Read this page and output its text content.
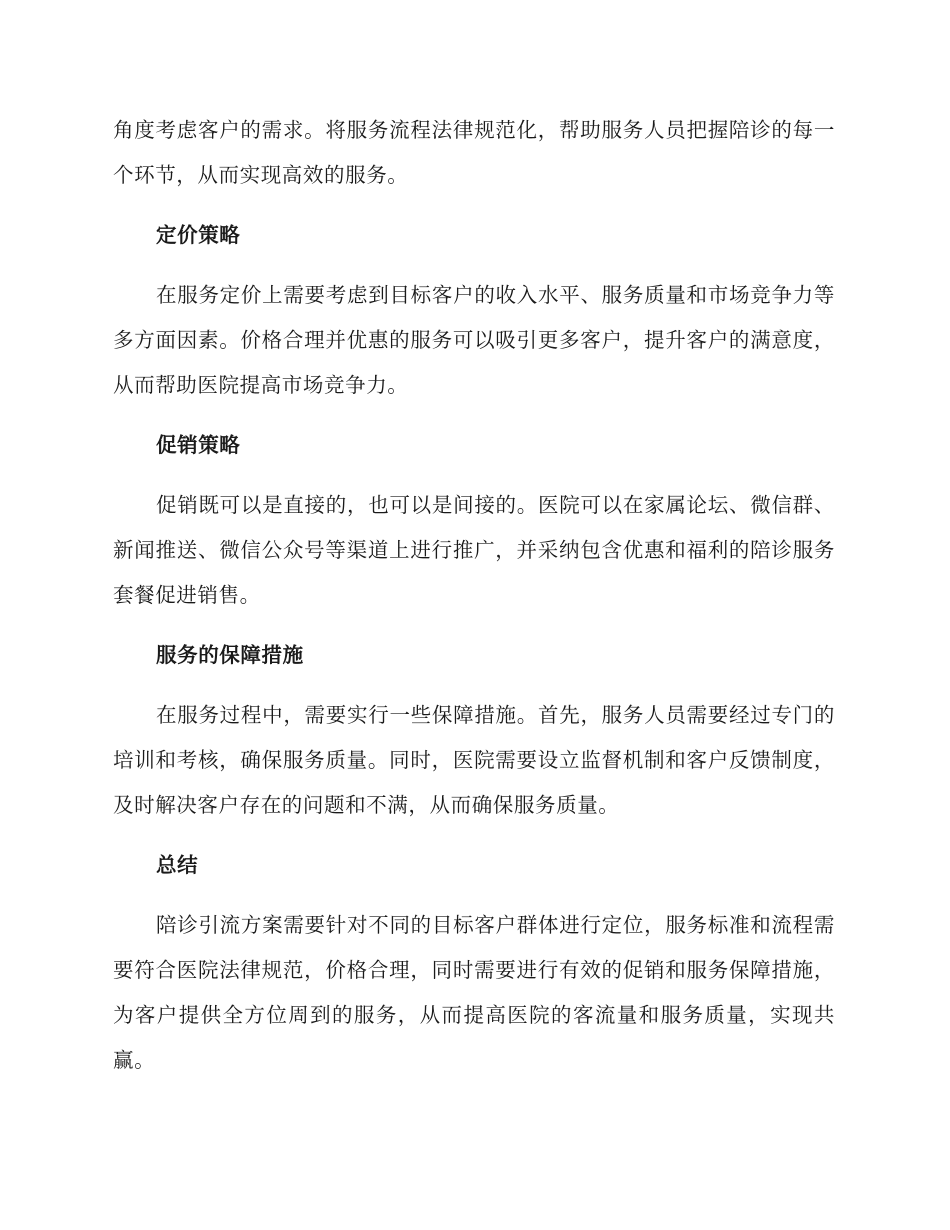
角度考虑客户的需求。将服务流程法律规范化，帮助服务人员把握陪诊的每一个环节，从而实现高效的服务。

定价策略

在服务定价上需要考虑到目标客户的收入水平、服务质量和市场竞争力等多方面因素。价格合理并优惠的服务可以吸引更多客户，提升客户的满意度，从而帮助医院提高市场竞争力。

促销策略

促销既可以是直接的，也可以是间接的。医院可以在家属论坛、微信群、新闻推送、微信公众号等渠道上进行推广，并采纳包含优惠和福利的陪诊服务套餐促进销售。

服务的保障措施

在服务过程中，需要实行一些保障措施。首先，服务人员需要经过专门的培训和考核，确保服务质量。同时，医院需要设立监督机制和客户反馈制度，及时解决客户存在的问题和不满，从而确保服务质量。

总结

陪诊引流方案需要针对不同的目标客户群体进行定位，服务标准和流程需要符合医院法律规范，价格合理，同时需要进行有效的促销和服务保障措施，为客户提供全方位周到的服务，从而提高医院的客流量和服务质量，实现共赢。
